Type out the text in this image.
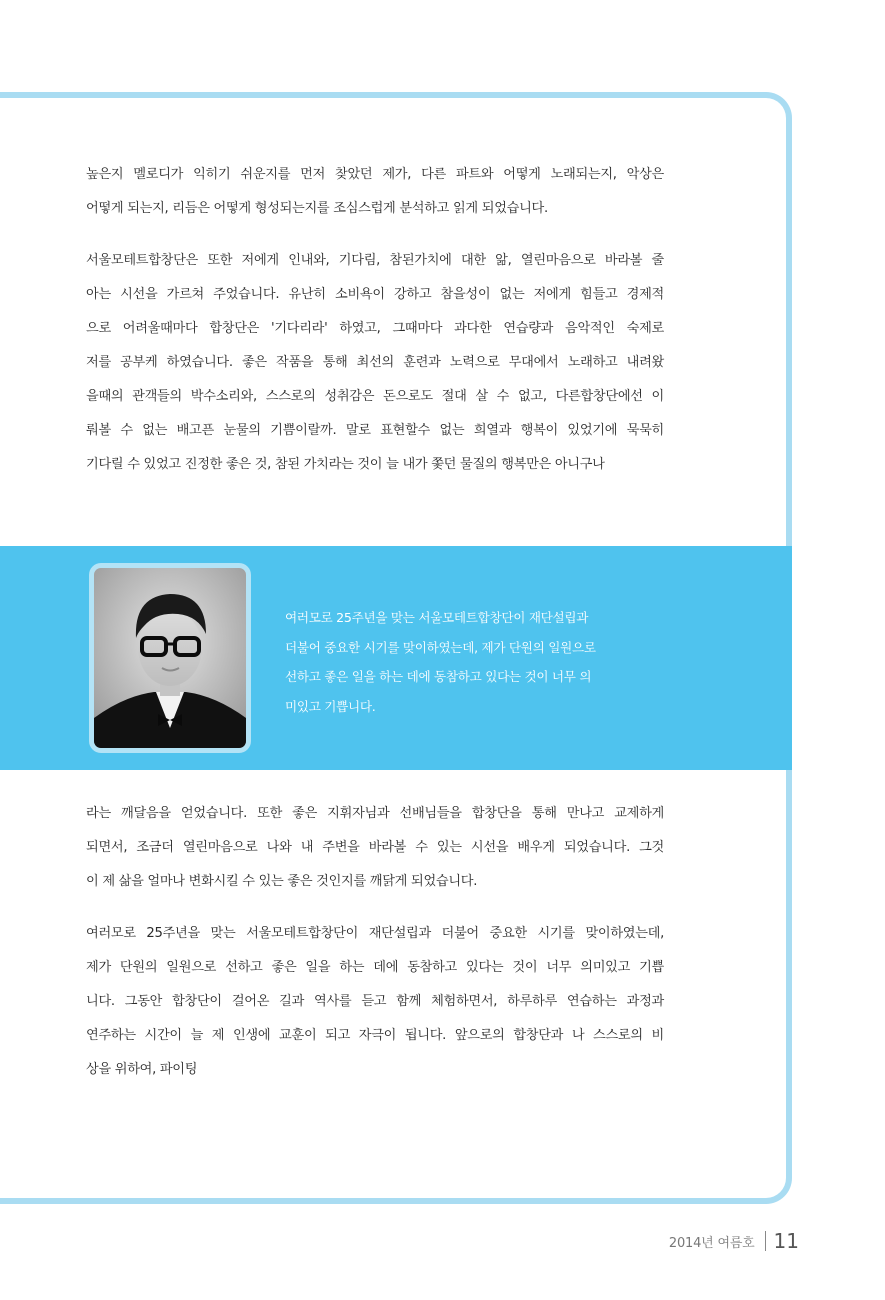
높은지 멜로디가 익히기 쉬운지를 먼저 찾았던 제가, 다른 파트와 어떻게 노래되는지, 악상은
어떻게 되는지, 리듬은 어떻게 형성되는지를 조심스럽게 분석하고 읽게 되었습니다.
서울모테트합창단은 또한 저에게 인내와, 기다림, 참된가치에 대한 앎, 열린마음으로 바라볼 줄
아는 시선을 가르쳐 주었습니다. 유난히 소비욕이 강하고 참을성이 없는 저에게 힘들고 경제적
으로 어려울때마다 합창단은 '기다리라' 하였고, 그때마다 과다한 연습량과 음악적인 숙제로
저를 공부케 하였습니다. 좋은 작품을 통해 최선의 훈련과 노력으로 무대에서 노래하고 내려왔
을때의 관객들의 박수소리와, 스스로의 성취감은 돈으로도 절대 살 수 없고, 다른합창단에선 이
뤄볼 수 없는 배고픈 눈물의 기쁨이랄까. 말로 표현할수 없는 희열과 행복이 있었기에 묵묵히
기다릴 수 있었고 진정한 좋은 것, 참된 가치라는 것이 늘 내가 쫓던 물질의 행복만은 아니구나
여러모로 25주년을 맞는 서울모테트합창단이 재단설립과
더불어 중요한 시기를 맞이하였는데, 제가 단원의 일원으로
선하고 좋은 일을 하는 데에 동참하고 있다는 것이 너무 의
미있고 기쁩니다.
라는 깨달음을 얻었습니다. 또한 좋은 지휘자님과 선배님들을 합창단을 통해 만나고 교제하게
되면서, 조금더 열린마음으로 나와 내 주변을 바라볼 수 있는 시선을 배우게 되었습니다. 그것
이 제 삶을 얼마나 변화시킬 수 있는 좋은 것인지를 깨닭게 되었습니다.
여러모로 25주년을 맞는 서울모테트합창단이 재단설립과 더불어 중요한 시기를 맞이하였는데,
제가 단원의 일원으로 선하고 좋은 일을 하는 데에 동참하고 있다는 것이 너무 의미있고 기쁩
니다. 그동안 합창단이 걸어온 길과 역사를 듣고 함께 체험하면서, 하루하루 연습하는 과정과
연주하는 시간이 늘 제 인생에 교훈이 되고 자극이 됩니다. 앞으로의 합창단과 나 스스로의 비
상을 위하여, 파이팅
2014년 여름호 11
